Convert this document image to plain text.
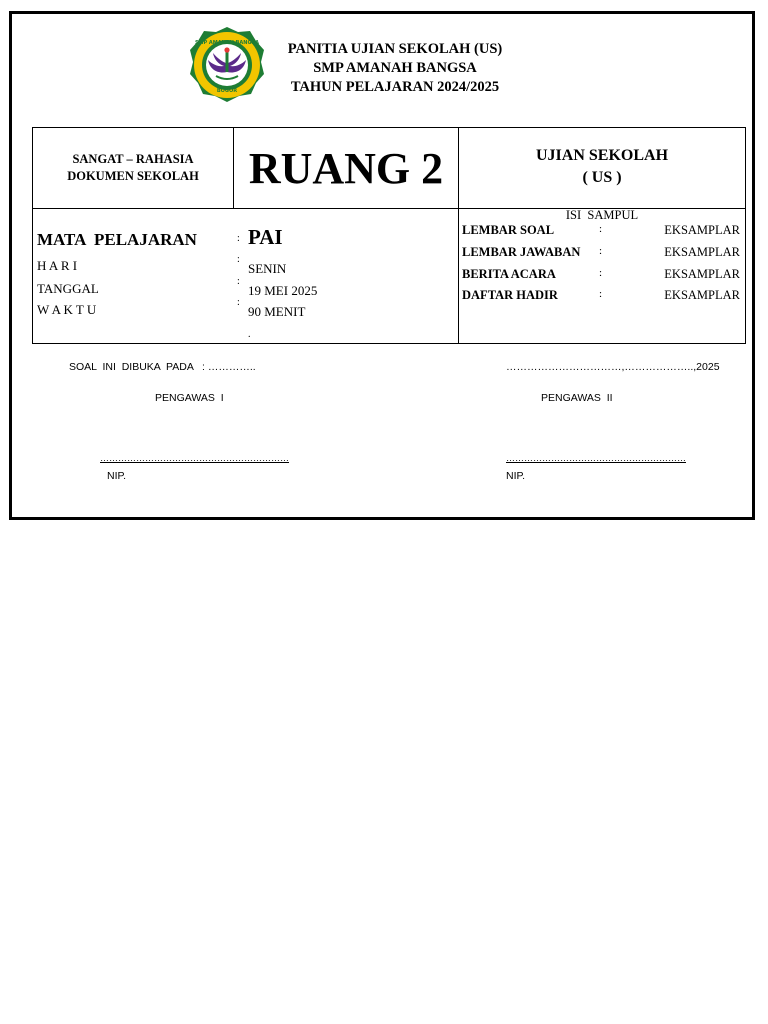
SMP AMANAH BANGSA
BOGOR
PANITIA UJIAN SEKOLAH (US)
SMP AMANAH BANGSA
TAHUN PELAJARAN 2024/2025
SANGAT – RAHASIA
DOKUMEN SEKOLAH	RUANG 2	UJIAN SEKOLAH
( US )
MATA  PELAJARAN	: PAI
H A R I	:
SENIN
TANGGAL	:
19 MEI 2025
W A K T U	:
90 MENIT
.
ISI  SAMPUL
LEMBAR SOAL	:	EKSAMPLAR
LEMBAR JAWABAN :	EKSAMPLAR
BERITA ACARA	:	EKSAMPLAR
DAFTAR HADIR	:	EKSAMPLAR
SOAL  INI  DIBUKA  PADA   : …………..	……………………………,………………..,2025
PENGAWAS  I	PENGAWAS  II
………………………………………………………	……………………………………………………
NIP.	NIP.
